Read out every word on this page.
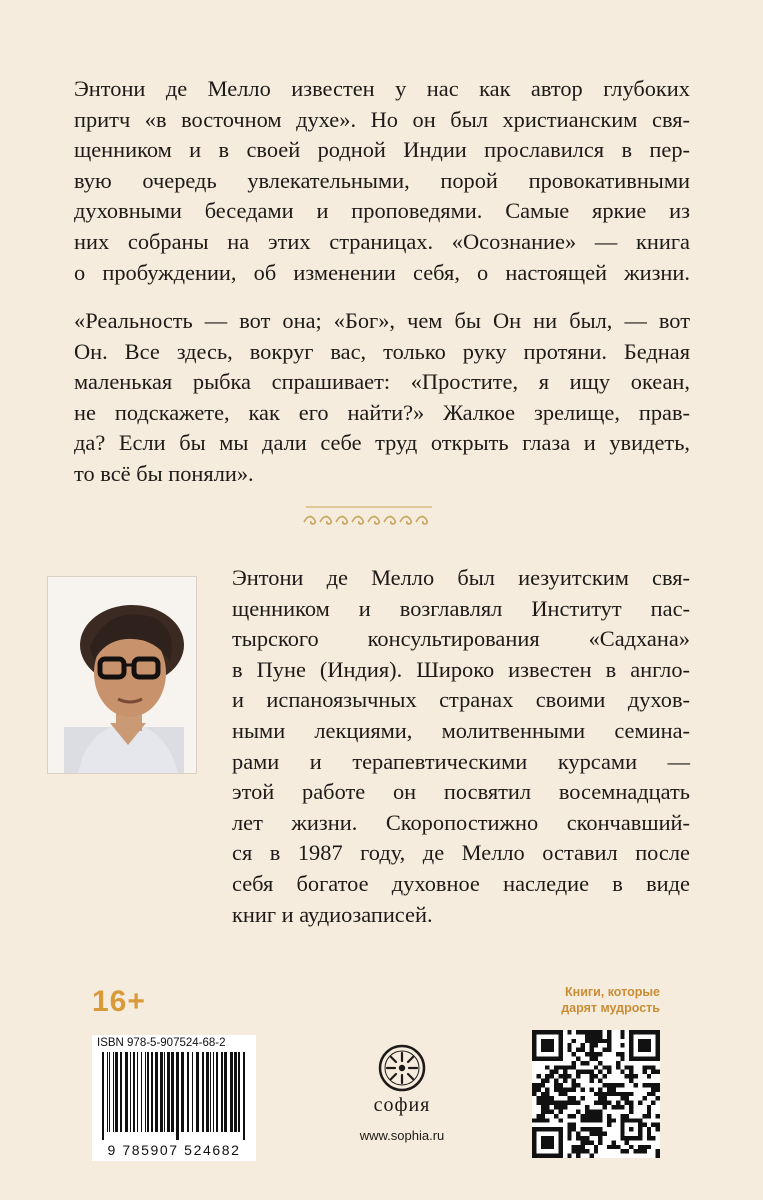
Энтони де Мелло известен у нас как автор глубоких
притч «в восточном духе». Но он был христианским свя-
щенником и в своей родной Индии прославился в пер-
вую очередь увлекательными, порой провокативными
духовными беседами и проповедями. Самые яркие из
них собраны на этих страницах. «Осознание» — книга
о пробуждении, об изменении себя, о настоящей жизни.
«Реальность — вот она; «Бог», чем бы Он ни был, — вот
Он. Все здесь, вокруг вас, только руку протяни. Бедная
маленькая рыбка спрашивает: «Простите, я ищу океан,
не подскажете, как его найти?» Жалкое зрелище, прав-
да? Если бы мы дали себе труд открыть глаза и увидеть,
то всё бы поняли».
Энтони де Мелло был иезуитским свя-
щенником и возглавлял Институт пас-
тырского консультирования «Садхана»
в Пуне (Индия). Широко известен в англо-
и испаноязычных странах своими духов-
ными лекциями, молитвенными семина-
рами и терапевтическими курсами —
этой работе он посвятил восемнадцать
лет жизни. Скоропостижно скончавший-
ся в 1987 году, де Мелло оставил после
себя богатое духовное наследие в виде
книг и аудиозаписей.
16+	Книги, которые
дарят мудрость
ISBN 978-5-907524-68-2
9 785907 524682
софия
www.sophia.ru
